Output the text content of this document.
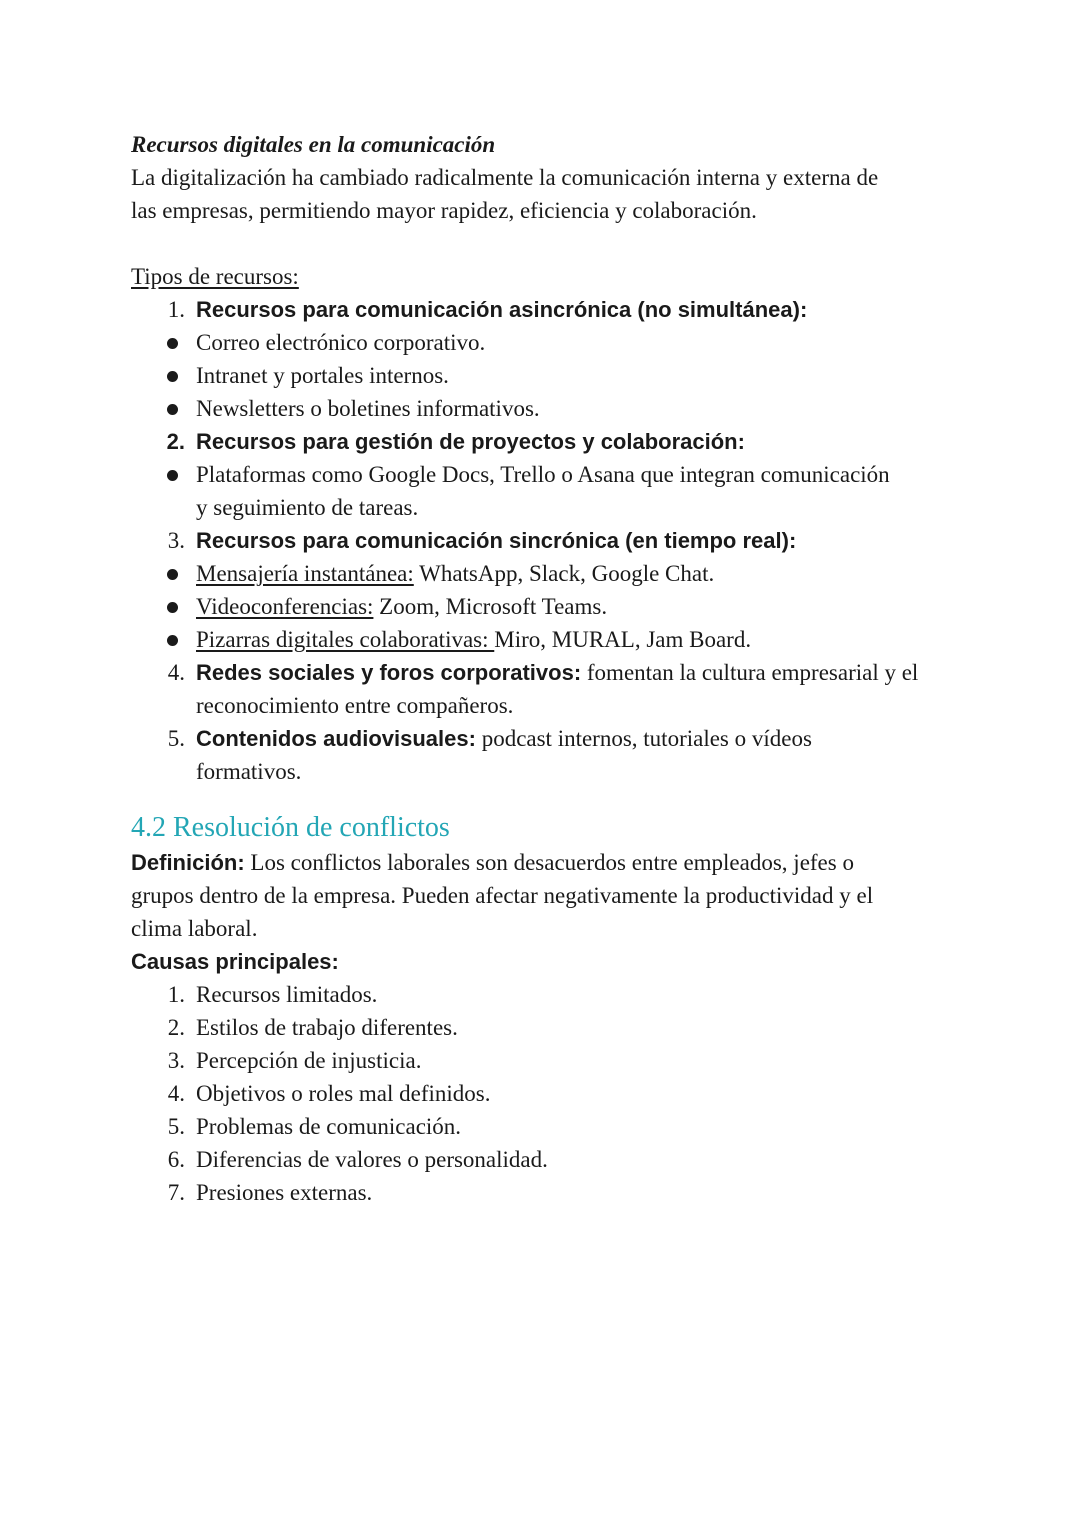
Recursos digitales en la comunicación
La digitalización ha cambiado radicalmente la comunicación interna y externa de
las empresas, permitiendo mayor rapidez, eficiencia y colaboración.
Tipos de recursos:
1. Recursos para comunicación asincrónica (no simultánea):
Correo electrónico corporativo.
Intranet y portales internos.
Newsletters o boletines informativos.
2. Recursos para gestión de proyectos y colaboración:
Plataformas como Google Docs, Trello o Asana que integran comunicación
y seguimiento de tareas.
3. Recursos para comunicación sincrónica (en tiempo real):
Mensajería instantánea: WhatsApp, Slack, Google Chat.
Videoconferencias: Zoom, Microsoft Teams.
Pizarras digitales colaborativas: Miro, MURAL, Jam Board.
4. Redes sociales y foros corporativos: fomentan la cultura empresarial y el
reconocimiento entre compañeros.
5. Contenidos audiovisuales: podcast internos, tutoriales o vídeos
formativos.
4.2 Resolución de conflictos
Definición: Los conflictos laborales son desacuerdos entre empleados, jefes o
grupos dentro de la empresa. Pueden afectar negativamente la productividad y el
clima laboral.
Causas principales:
1. Recursos limitados.
2. Estilos de trabajo diferentes.
3. Percepción de injusticia.
4. Objetivos o roles mal definidos.
5. Problemas de comunicación.
6. Diferencias de valores o personalidad.
7. Presiones externas.
